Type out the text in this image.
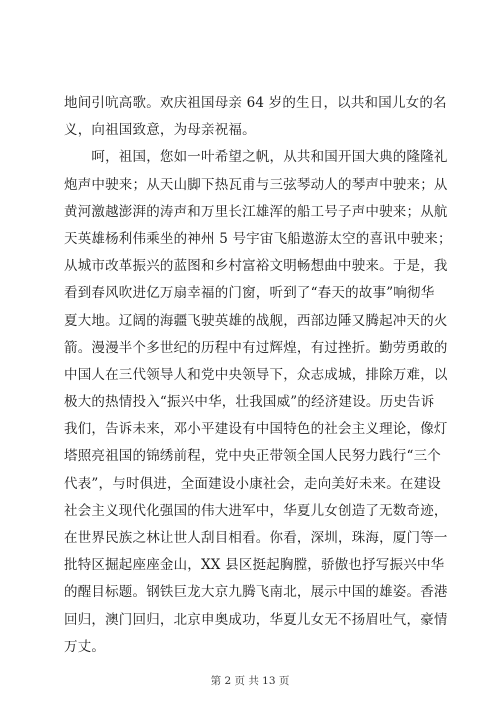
地间引吭高歌。欢庆祖国母亲 64 岁的生日，以共和国儿女的名
义，向祖国致意，为母亲祝福。
　　呵，祖国，您如一叶希望之帆，从共和国开国大典的隆隆礼
炮声中驶来；从天山脚下热瓦甫与三弦琴动人的琴声中驶来；从
黄河激越澎湃的涛声和万里长江雄浑的船工号子声中驶来；从航
天英雄杨利伟乘坐的神州 5 号宇宙飞船遨游太空的喜讯中驶来；
从城市改革振兴的蓝图和乡村富裕文明畅想曲中驶来。于是，我
看到春风吹进亿万扇幸福的门窗，听到了“春天的故事”响彻华
夏大地。辽阔的海疆飞驶英雄的战舰，西部边陲又腾起冲天的火
箭。漫漫半个多世纪的历程中有过辉煌，有过挫折。勤劳勇敢的
中国人在三代领导人和党中央领导下，众志成城，排除万难，以
极大的热情投入“振兴中华，壮我国威”的经济建设。历史告诉
我们，告诉未来，邓小平建设有中国特色的社会主义理论，像灯
塔照亮祖国的锦绣前程，党中央正带领全国人民努力践行“三个
代表”，与时俱进，全面建设小康社会，走向美好未来。在建设
社会主义现代化强国的伟大进军中，华夏儿女创造了无数奇迹，
在世界民族之林让世人刮目相看。你看，深圳，珠海，厦门等一
批特区掘起座座金山，XX 县区挺起胸膛，骄傲也抒写振兴中华
的醒目标题。钢铁巨龙大京九腾飞南北，展示中国的雄姿。香港
回归，澳门回归，北京申奥成功，华夏儿女无不扬眉吐气，豪情
万丈。
第 2 页 共 13 页
